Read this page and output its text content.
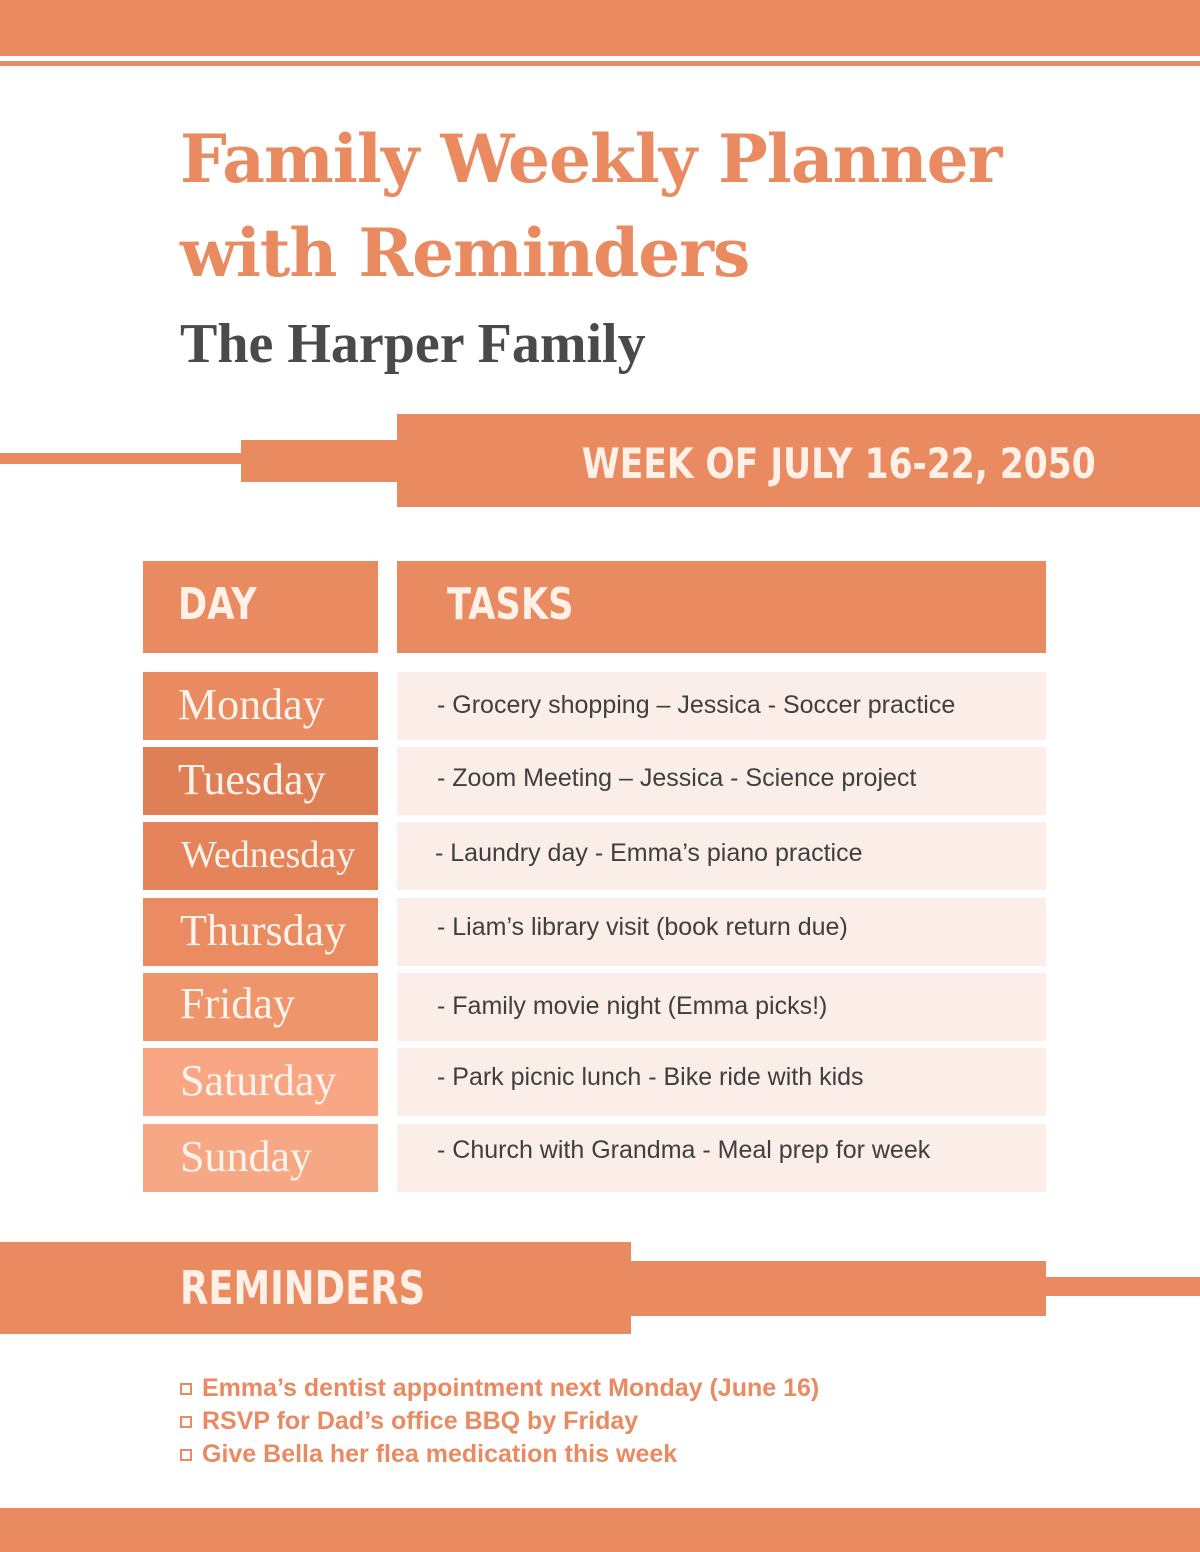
Family Weekly Planner with Reminders
The Harper Family
WEEK OF JULY 16-22, 2050
DAY	TASKS
Monday	- Grocery shopping – Jessica - Soccer practice
Tuesday	- Zoom Meeting – Jessica - Science project
Wednesday	- Laundry day - Emma’s piano practice
Thursday	- Liam’s library visit (book return due)
Friday	- Family movie night (Emma picks!)
Saturday	- Park picnic lunch - Bike ride with kids
Sunday	- Church with Grandma - Meal prep for week
REMINDERS
Emma’s dentist appointment next Monday (June 16)
RSVP for Dad’s office BBQ by Friday
Give Bella her flea medication this week
